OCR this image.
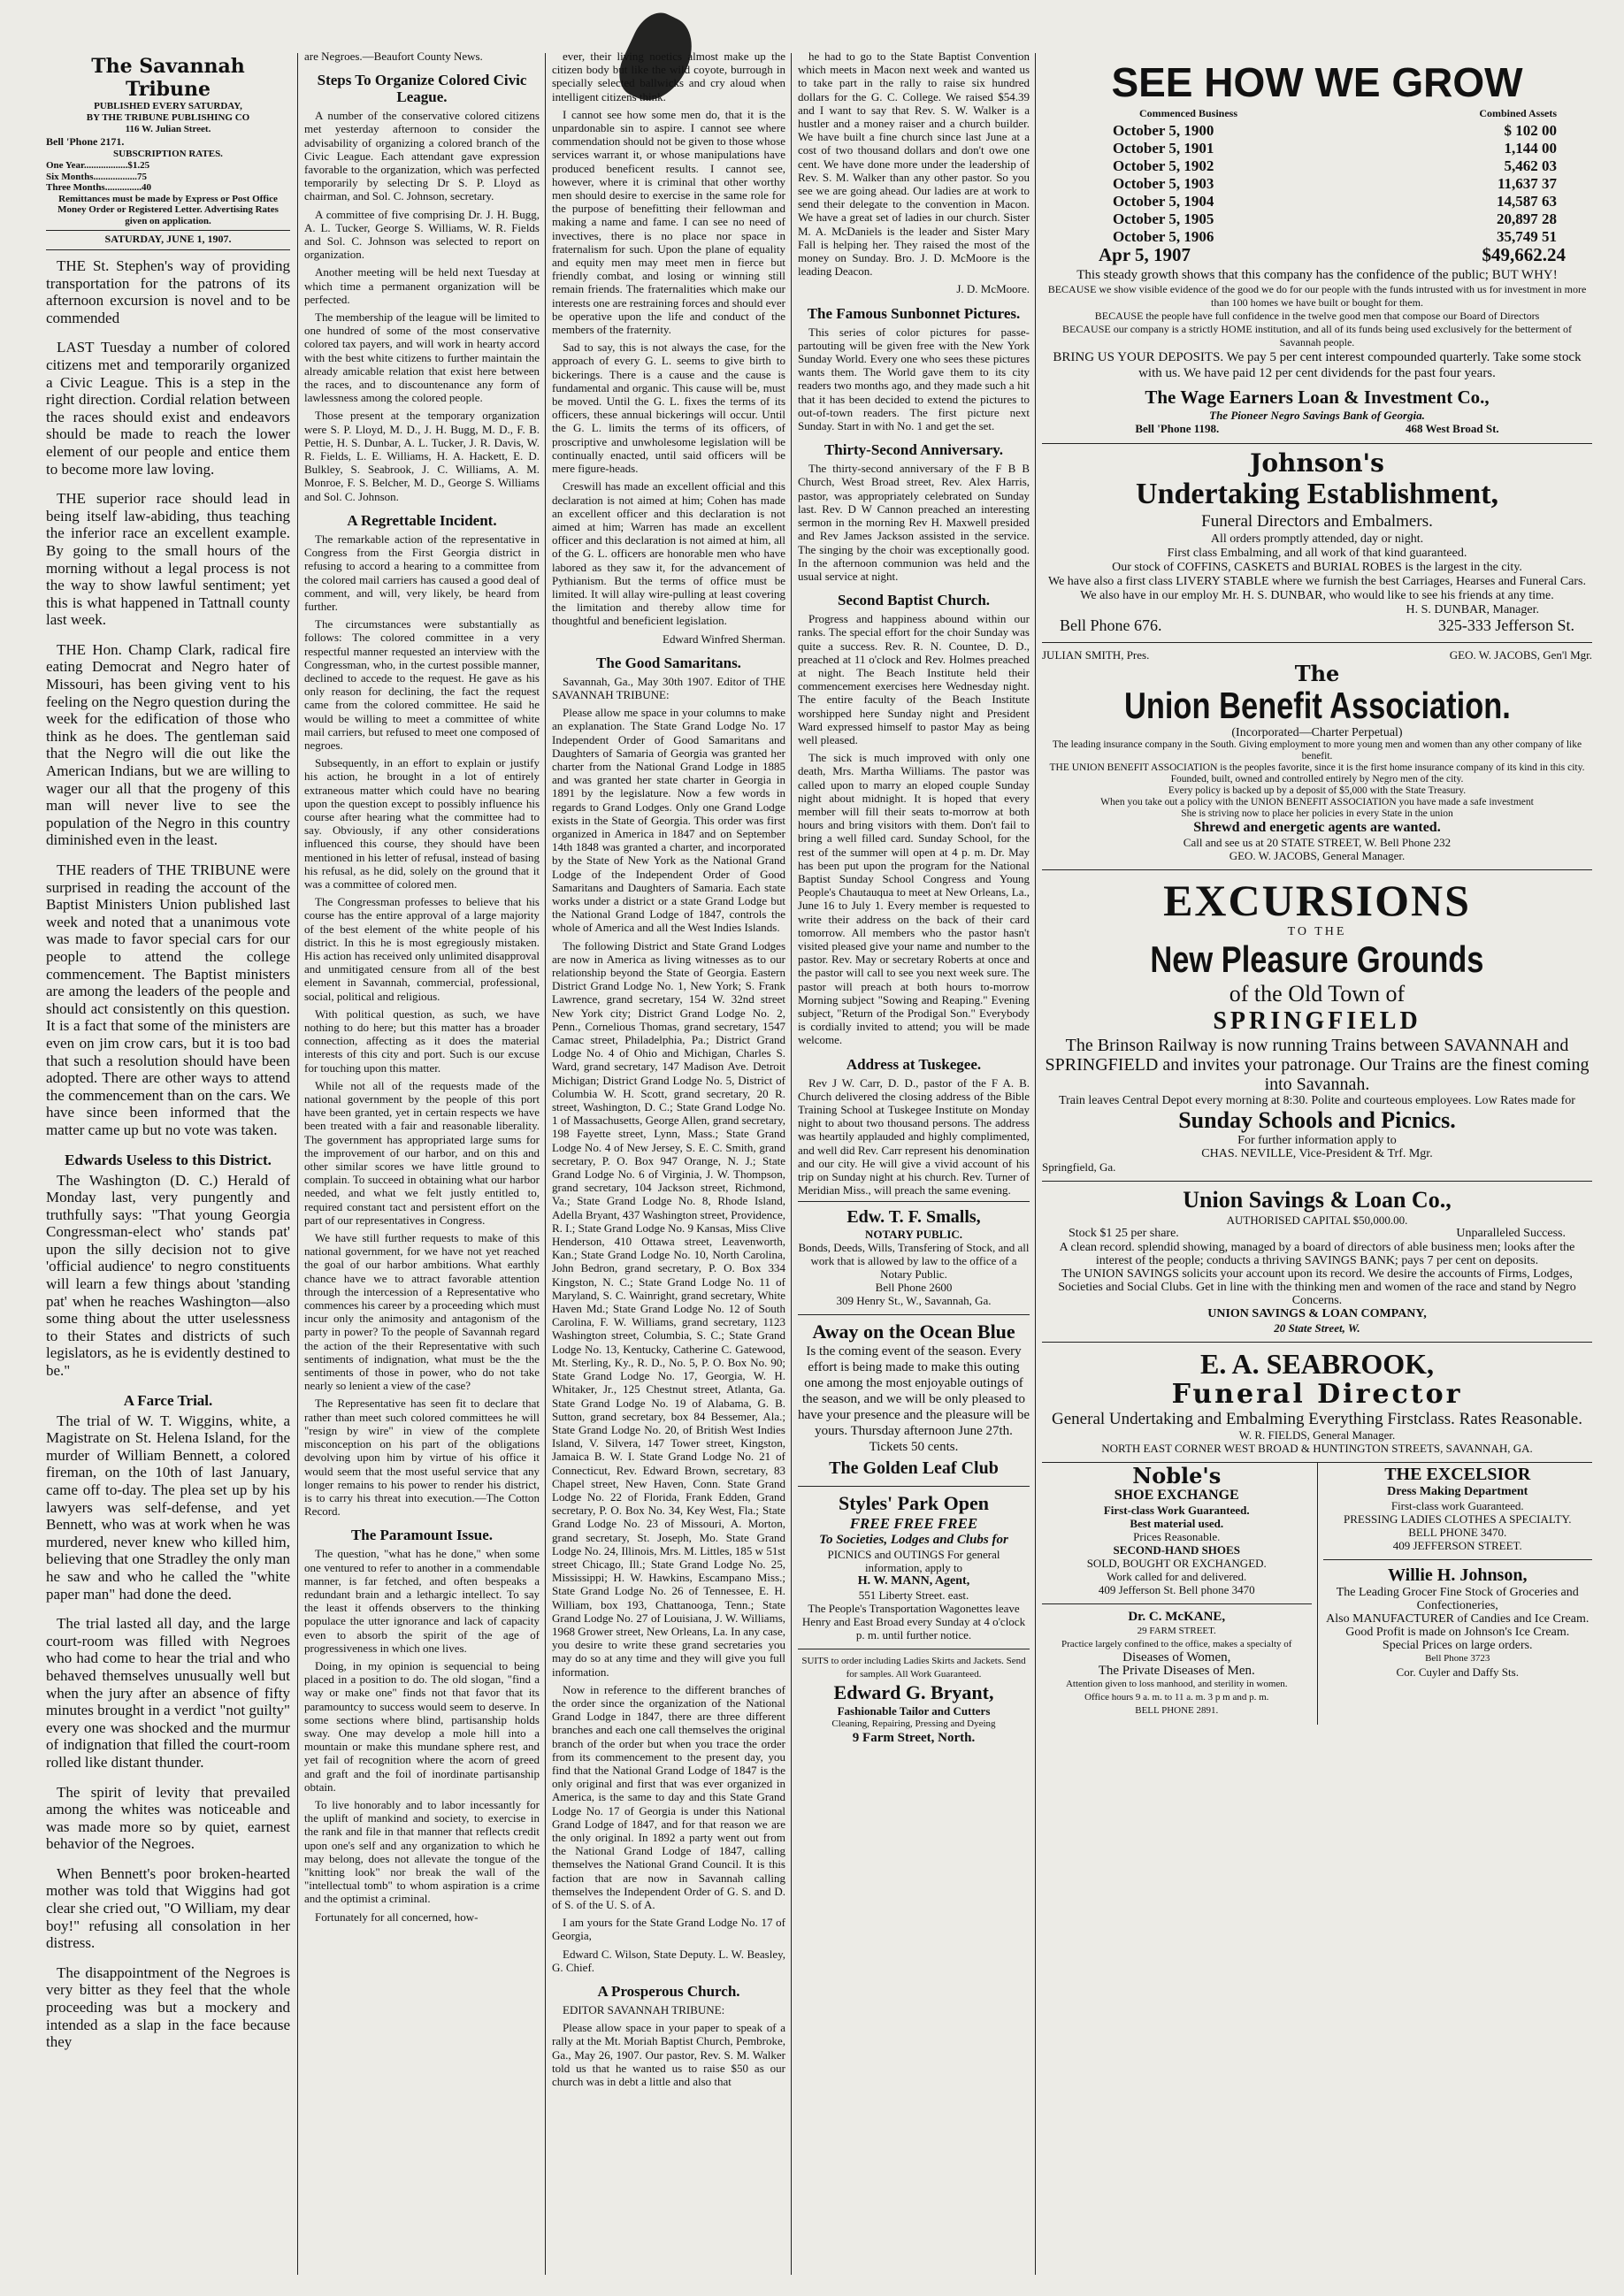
The Savannah Tribune
PUBLISHED EVERY SATURDAY,
BY THE TRIBUNE PUBLISHING CO
116 W. Julian Street.
Bell 'Phone 2171.
SUBSCRIPTION RATES.
One Year..................$1.25
Six Months..................75
Three Months...............40
Remittances must be made by Express or Post Office Money Order or Registered Letter. Advertising Rates given on application.
SATURDAY, JUNE 1, 1907.

THE St. Stephen's way of providing transportation for the patrons of its afternoon excursion is novel and to be commended

LAST Tuesday a number of colored citizens met and temporarily organized a Civic League. This is a step in the right direction. Cordial relation between the races should exist and endeavors should be made to reach the lower element of our people and entice them to become more law loving.

THE superior race should lead in being itself law-abiding, thus teaching the inferior race an excellent example. By going to the small hours of the morning without a legal process is not the way to show lawful sentiment; yet this is what happened in Tattnall county last week.

THE Hon. Champ Clark, radical fire eating Democrat and Negro hater of Missouri, has been giving vent to his feeling on the Negro question during the week for the edification of those who think as he does. The gentleman said that the Negro will die out like the American Indians, but we are willing to wager our all that the progeny of this man will never live to see the population of the Negro in this country diminished even in the least.

THE readers of THE TRIBUNE were surprised in reading the account of the Baptist Ministers Union published last week and noted that a unanimous vote was made to favor special cars for our people to attend the college commencement. The Baptist ministers are among the leaders of the people and should act consistently on this question. It is a fact that some of the ministers are even on jim crow cars, but it is too bad that such a resolution should have been adopted. There are other ways to attend the commencement than on the cars. We have since been informed that the matter came up but no vote was taken.

Edwards Useless to this District.

The Washington (D. C.) Herald of Monday last, very pungently and truthfully says: "That young Georgia Congressman-elect who' stands pat' upon the silly decision not to give 'official audience' to negro constituents will learn a few things about 'standing pat' when he reaches Washington—also some thing about the utter uselessness to their States and districts of such legislators, as he is evidently destined to be."

A Farce Trial.

The trial of W. T. Wiggins, white, a Magistrate on St. Helena Island, for the murder of William Bennett, a colored fireman, on the 10th of last January, came off to-day. The plea set up by his lawyers was self-defense, and yet Bennett, who was at work when he was murdered, never knew who killed him, believing that one Stradley the only man he saw and who he called the "white paper man" had done the deed.

The trial lasted all day, and the large court-room was filled with Negroes who had come to hear the trial and who behaved themselves unusually well but when the jury after an absence of fifty minutes brought in a verdict "not guilty" every one was shocked and the murmur of indignation that filled the court-room rolled like distant thunder.

The spirit of levity that prevailed among the whites was noticeable and was made more so by quiet, earnest behavior of the Negroes.

When Bennett's poor broken-hearted mother was told that Wiggins had got clear she cried out, "O William, my dear boy!" refusing all consolation in her distress.

The disappointment of the Negroes is very bitter as they feel that the whole proceeding was but a mockery and intended as a slap in the face because they

are Negroes.—Beaufort County News.

Steps To Organize Colored Civic League.

A number of the conservative colored citizens met yesterday afternoon to consider the advisability of organizing a colored branch of the Civic League. Each attendant gave expression favorable to the organization, which was perfected temporarily by selecting Dr S. P. Lloyd as chairman, and Sol. C. Johnson, secretary.

A committee of five comprising Dr. J. H. Bugg, A. L. Tucker, George S. Williams, W. R. Fields and Sol. C. Johnson was selected to report on organization.

Another meeting will be held next Tuesday at which time a permanent organization will be perfected.

The membership of the league will be limited to one hundred of some of the most conservative colored tax payers, and will work in hearty accord with the best white citizens to further maintain the already amicable relation that exist here between the races, and to discountenance any form of lawlessness among the colored people.

Those present at the temporary organization were S. P. Lloyd, M. D., J. H. Bugg, M. D., F. B. Pettie, H. S. Dunbar, A. L. Tucker, J. R. Davis, W. R. Fields, L. E. Williams, H. A. Hackett, E. D. Bulkley, S. Seabrook, J. C. Williams, A. M. Monroe, F. S. Belcher, M. D., George S. Williams and Sol. C. Johnson.

A Regrettable Incident.

The remarkable action of the representative in Congress from the First Georgia district in refusing to accord a hearing to a committee from the colored mail carriers has caused a good deal of comment, and will, very likely, be heard from further.

The circumstances were substantially as follows: The colored committee in a very respectful manner requested an interview with the Congressman, who, in the curtest possible manner, declined to accede to the request. He gave as his only reason for declining, the fact the request came from the colored committee. He said he would be willing to meet a committee of white mail carriers, but refused to meet one composed of negroes.

Subsequently, in an effort to explain or justify his action, he brought in a lot of entirely extraneous matter which could have no bearing upon the question except to possibly influence his course after hearing what the committee had to say. Obviously, if any other considerations influenced this course, they should have been mentioned in his letter of refusal, instead of basing his refusal, as he did, solely on the ground that it was a committee of colored men.

The Congressman professes to believe that his course has the entire approval of a large majority of the best element of the white people of his district. In this he is most egregiously mistaken. His action has received only unlimited disapproval and unmitigated censure from all of the best element in Savannah, commercial, professional, social, political and religious.

With political question, as such, we have nothing to do here; but this matter has a broader connection, affecting as it does the material interests of this city and port. Such is our excuse for touching upon this matter.

While not all of the requests made of the national government by the people of this port have been granted, yet in certain respects we have been treated with a fair and reasonable liberality. The government has appropriated large sums for the improvement of our harbor, and on this and other similar scores we have little ground to complain. To succeed in obtaining what our harbor needed, and what we felt justly entitled to, required constant tact and persistent effort on the part of our representatives in Congress.

We have still further requests to make of this national government, for we have not yet reached the goal of our harbor ambitions. What earthly chance have we to attract favorable attention through the intercession of a Representative who commences his career by a proceeding which must incur only the animosity and antagonism of the party in power? To the people of Savannah regard the action of the their Representative with such sentiments of indignation, what must be the the sentiments of those in power, who do not take nearly so lenient a view of the case?

The Representative has seen fit to declare that rather than meet such colored committees he will "resign by wire" in view of the complete misconception on his part of the obligations devolving upon him by virtue of his office it would seem that the most useful service that any longer remains to his power to render his district, is to carry his threat into execution.—The Cotton Record.

The Paramount Issue.

The question, "what has he done," when some one ventured to refer to another in a commendable manner, is far fetched, and often bespeaks a redundant brain and a lethargic intellect. To say the least it offends observers to the thinking populace the utter ignorance and lack of capacity even to absorb the spirit of the age of progressiveness in which one lives.

Doing, in my opinion is sequencial to being placed in a position to do. The old slogan, "find a way or make one" finds not that favor that its paramountcy to success would seem to deserve. In some sections where blind, partisanship holds sway. One may develop a mole hill into a mountain or make this mundane sphere rest, and yet fail of recognition where the acorn of greed and graft and the foil of inordinate partisanship obtain.

To live honorably and to labor incessantly for the uplift of mankind and society, to exercise in the rank and file in that manner that reflects credit upon one's self and any organization to which he may belong, does not allevate the tongue of the "knitting look" nor break the wall of the "intellectual tomb" to whom aspiration is a crime and the optimist a criminal.

Fortunately for all concerned, how-

ever, their living noetics almost make up the citizen body but like the wild coyote, burrough in specially selected ballwicks and cry aloud when intelligent citizens think.

I cannot see how some men do, that it is the unpardonable sin to aspire. I cannot see where commendation should not be given to those whose services warrant it, or whose manipulations have produced beneficent results. I cannot see, however, where it is criminal that other worthy men should desire to exercise in the same role for the purpose of benefitting their fellowman and making a name and fame. I can see no need of invectives, there is no place nor space in fraternalism for such. Upon the plane of equality and equity men may meet men in fierce but friendly combat, and losing or winning still remain friends. The fraternalities which make our interests one are restraining forces and should ever be operative upon the life and conduct of the members of the fraternity.

Sad to say, this is not always the case, for the approach of every G. L. seems to give birth to bickerings. There is a cause and the cause is fundamental and organic. This cause will be, must be moved. Until the G. L. fixes the terms of its officers, these annual bickerings will occur. Until the G. L. limits the terms of its officers, of proscriptive and unwholesome legislation will be continually enacted, until said officers will be mere figure-heads.

Creswill has made an excellent official and this declaration is not aimed at him; Cohen has made an excellent officer and this declaration is not aimed at him; Warren has made an excellent officer and this declaration is not aimed at him, all of the G. L. officers are honorable men who have labored as they saw it, for the advancement of Pythianism. But the terms of office must be limited. It will allay wire-pulling at least covering the limitation and thereby allow time for thoughtful and beneficient legislation.

Edward Winfred Sherman.

The Good Samaritans.

Savannah, Ga., May 30th 1907. Editor of THE SAVANNAH TRIBUNE:

Please allow me space in your columns to make an explanation. The State Grand Lodge No. 17 Independent Order of Good Samaritans and Daughters of Samaria of Georgia was granted her charter from the National Grand Lodge in 1885 and was granted her state charter in Georgia in 1891 by the legislature. Now a few words in regards to Grand Lodges. Only one Grand Lodge exists in the State of Georgia. This order was first organized in America in 1847 and on September 14th 1848 was granted a charter, and incorporated by the State of New York as the National Grand Lodge of the Independent Order of Good Samaritans and Daughters of Samaria. Each state works under a district or a state Grand Lodge but the National Grand Lodge of 1847, controls the whole of America and all the West Indies Islands.

The following District and State Grand Lodges are now in America as living witnesses as to our relationship beyond the State of Georgia. Eastern District Grand Lodge No. 1, New York; S. Frank Lawrence, grand secretary, 154 W. 32nd street New York city; District Grand Lodge No. 2, Penn., Cornelious Thomas, grand secretary, 1547 Camac street, Philadelphia, Pa.; District Grand Lodge No. 4 of Ohio and Michigan, Charles S. Ward, grand secretary, 147 Madison Ave. Detroit Michigan; District Grand Lodge No. 5, District of Columbia W. H. Scott, grand secretary, 20 R. street, Washington, D. C.; State Grand Lodge No. 1 of Massachusetts, George Allen, grand secretary, 198 Fayette street, Lynn, Mass.; State Grand Lodge No. 4 of New Jersey, S. E. C. Smith, grand secretary, P. O. Box 947 Orange, N. J.; State Grand Lodge No. 6 of Virginia, J. W. Thompson, grand secretary, 104 Jackson street, Richmond, Va.; State Grand Lodge No. 8, Rhode Island, Adella Bryant, 437 Washington street, Providence, R. I.; State Grand Lodge No. 9 Kansas, Miss Clive Henderson, 410 Ottawa street, Leavenworth, Kan.; State Grand Lodge No. 10, North Carolina, John Bedron, grand secretary, P. O. Box 334 Kingston, N. C.; State Grand Lodge No. 11 of Maryland, S. C. Wainright, grand secretary, White Haven Md.; State Grand Lodge No. 12 of South Carolina, F. W. Williams, grand secretary, 1123 Washington street, Columbia, S. C.; State Grand Lodge No. 13, Kentucky, Catherine C. Gatewood, Mt. Sterling, Ky., R. D., No. 5, P. O. Box No. 90; State Grand Lodge No. 17, Georgia, W. H. Whitaker, Jr., 125 Chestnut street, Atlanta, Ga. State Grand Lodge No. 19 of Alabama, G. B. Sutton, grand secretary, box 84 Bessemer, Ala.; State Grand Lodge No. 20, of British West Indies Island, V. Silvera, 147 Tower street, Kingston, Jamaica B. W. I. State Grand Lodge No. 21 of Connecticut, Rev. Edward Brown, secretary, 83 Chapel street, New Haven, Conn. State Grand Lodge No. 22 of Florida, Frank Edden, Grand secretary, P. O. Box No. 34, Key West, Fla.; State Grand Lodge No. 23 of Missouri, A. Morton, grand secretary, St. Joseph, Mo. State Grand Lodge No. 24, Illinois, Mrs. M. Littles, 185 w 51st street Chicago, Ill.; State Grand Lodge No. 25, Mississippi; H. W. Hawkins, Escampano Miss.; State Grand Lodge No. 26 of Tennessee, E. H. William, box 193, Chattanooga, Tenn.; State Grand Lodge No. 27 of Louisiana, J. W. Williams, 1968 Grower street, New Orleans, La. In any case, you desire to write these grand secretaries you may do so at any time and they will give you full information.

Now in reference to the different branches of the order since the organization of the National Grand Lodge in 1847, there are three different branches and each one call themselves the original branch of the order but when you trace the order from its commencement to the present day, you find that the National Grand Lodge of 1847 is the only original and first that was ever organized in America, is the same to day and this State Grand Lodge No. 17 of Georgia is under this National Grand Lodge of 1847, and for that reason we are the only original. In 1892 a party went out from the National Grand Lodge of 1847, calling themselves the National Grand Council. It is this faction that are now in Savannah calling themselves the Independent Order of G. S. and D. of S. of the U. S. of A.

I am yours for the State Grand Lodge No. 17 of Georgia,

Edward C. Wilson, State Deputy. L. W. Beasley, G. Chief.

A Prosperous Church.

EDITOR SAVANNAH TRIBUNE:

Please allow space in your paper to speak of a rally at the Mt. Moriah Baptist Church, Pembroke, Ga., May 26, 1907. Our pastor, Rev. S. M. Walker told us that he wanted us to raise $50 as our church was in debt a little and also that

he had to go to the State Baptist Convention which meets in Macon next week and wanted us to take part in the rally to raise six hundred dollars for the G. C. College. We raised $54.39 and I want to say that Rev. S. W. Walker is a hustler and a money raiser and a church builder. We have built a fine church since last June at a cost of two thousand dollars and don't owe one cent. We have done more under the leadership of Rev. S. M. Walker than any other pastor. So you see we are going ahead. Our ladies are at work to send their delegate to the convention in Macon. We have a great set of ladies in our church. Sister M. A. McDaniels is the leader and Sister Mary Fall is helping her. They raised the most of the money on Sunday. Bro. J. D. McMoore is the leading Deacon.

J. D. McMoore.

The Famous Sunbonnet Pictures.

This series of color pictures for passe-partouting will be given free with the New York Sunday World. Every one who sees these pictures wants them. The World gave them to its city readers two months ago, and they made such a hit that it has been decided to extend the pictures to out-of-town readers. The first picture next Sunday. Start in with No. 1 and get the set.

Thirty-Second Anniversary.

The thirty-second anniversary of the F B B Church, West Broad street, Rev. Alex Harris, pastor, was appropriately celebrated on Sunday last. Rev. D W Cannon preached an interesting sermon in the morning Rev H. Maxwell presided and Rev James Jackson assisted in the service. The singing by the choir was exceptionally good. In the afternoon communion was held and the usual service at night.

Second Baptist Church.

Progress and happiness abound within our ranks. The special effort for the choir Sunday was quite a success. Rev. R. N. Countee, D. D., preached at 11 o'clock and Rev. Holmes preached at night. The Beach Institute held their commencement exercises here Wednesday night. The entire faculty of the Beach Institute worshipped here Sunday night and President Ward expressed himself to pastor May as being well pleased.

The sick is much improved with only one death, Mrs. Martha Williams. The pastor was called upon to marry an eloped couple Sunday night about midnight. It is hoped that every member will fill their seats to-morrow at both hours and bring visitors with them. Don't fail to bring a well filled card. Sunday School, for the rest of the summer will open at 4 p. m. Dr. May has been put upon the program for the National Baptist Sunday School Congress and Young People's Chautauqua to meet at New Orleans, La., June 16 to July 1. Every member is requested to write their address on the back of their card tomorrow. All members who the pastor hasn't visited pleased give your name and number to the pastor. Rev. May or secretary Roberts at once and the pastor will call to see you next week sure. The pastor will preach at both hours to-morrow Morning subject "Sowing and Reaping." Evening subject, "Return of the Prodigal Son." Everybody is cordially invited to attend; you will be made welcome.

Address at Tuskegee.

Rev J W. Carr, D. D., pastor of the F A. B. Church delivered the closing address of the Bible Training School at Tuskegee Institute on Monday night to about two thousand persons. The address was heartily applauded and highly complimented, and well did Rev. Carr represent his denomination and our city. He will give a vivid account of his trip on Sunday night at his church. Rev. Turner of Meridian Miss., will preach the same evening.

Edw. T. F. Smalls,
NOTARY PUBLIC.
Bonds, Deeds, Wills, Transfering of Stock, and all work that is allowed by law to the office of a Notary Public.
Bell Phone 2600
309 Henry St., W., Savannah, Ga.
Away on the Ocean Blue
Is the coming event of the season. Every effort is being made to make this outing one among the most enjoyable outings of the season, and we will be only pleased to have your presence and the pleasure will be yours. Thursday afternoon June 27th. Tickets 50 cents.
The Golden Leaf Club
Styles' Park Open
FREE FREE FREE
To Societies, Lodges and Clubs for
PICNICS and OUTINGS For general information, apply to
H. W. MANN, Agent,
551 Liberty Street. east.
The People's Transportation Wagonettes leave Henry and East Broad every Sunday at 4 o'clock p. m. until further notice.
SUITS to order including Ladies Skirts and Jackets. Send for samples. All Work Guaranteed.
Edward G. Bryant,
Fashionable Tailor and Cutters
Cleaning, Repairing, Pressing and Dyeing
9 Farm Street, North.
SEE HOW WE GROW
Commenced Business	Combined Assets
October 5, 1900	$ 102 00
October 5, 1901	1,144 00
October 5, 1902	5,462 03
October 5, 1903	11,637 37
October 5, 1904	14,587 63
October 5, 1905	20,897 28
October 5, 1906	35,749 51
Apr 5, 1907	$49,662.24
This steady growth shows that this company has the confidence of the public; BUT WHY!
BECAUSE we show visible evidence of the good we do for our people with the funds intrusted with us for investment in more than 100 homes we have built or bought for them.
BECAUSE the people have full confidence in the twelve good men that compose our Board of Directors
BECAUSE our company is a strictly HOME institution, and all of its funds being used exclusively for the betterment of Savannah people.
BRING US YOUR DEPOSITS. We pay 5 per cent interest compounded quarterly. Take some stock with us. We have paid 12 per cent dividends for the past four years.
The Wage Earners Loan & Investment Co.,
The Pioneer Negro Savings Bank of Georgia.
Bell 'Phone 1198.	468 West Broad St.
Johnson's
Undertaking Establishment,
Funeral Directors and Embalmers.
All orders promptly attended, day or night.
First class Embalming, and all work of that kind guaranteed.
Our stock of COFFINS, CASKETS and BURIAL ROBES is the largest in the city.
We have also a first class LIVERY STABLE where we furnish the best Carriages, Hearses and Funeral Cars.
We also have in our employ Mr. H. S. DUNBAR, who would like to see his friends at any time.
H. S. DUNBAR, Manager.
Bell Phone 676.	325-333 Jefferson St.
JULIAN SMITH, Pres.	GEO. W. JACOBS, Gen'l Mgr.
The
Union Benefit Association.
(Incorporated—Charter Perpetual)
The leading insurance company in the South. Giving employment to more young men and women than any other company of like benefit.
THE UNION BENEFIT ASSOCIATION is the peoples favorite, since it is the first home insurance company of its kind in this city.
Founded, built, owned and controlled entirely by Negro men of the city.
Every policy is backed up by a deposit of $5,000 with the State Treasury.
When you take out a policy with the UNION BENEFIT ASSOCIATION you have made a safe investment
She is striving now to place her policies in every State in the union
Shrewd and energetic agents are wanted.
Call and see us at 20 STATE STREET, W. Bell Phone 232
GEO. W. JACOBS, General Manager.
EXCURSIONS
TO THE
New Pleasure Grounds
of the Old Town of
SPRINGFIELD
The Brinson Railway is now running Trains between SAVANNAH and SPRINGFIELD and invites your patronage. Our Trains are the finest coming into Savannah.
Train leaves Central Depot every morning at 8:30. Polite and courteous employees. Low Rates made for
Sunday Schools and Picnics.
For further information apply to
CHAS. NEVILLE, Vice-President & Trf. Mgr.
Springfield, Ga.
Union Savings & Loan Co.,
AUTHORISED CAPITAL $50,000.00.
Stock $1 25 per share.	Unparalleled Success.
A clean record. splendid showing, managed by a board of directors of able business men; looks after the interest of the people; conducts a thriving SAVINGS BANK; pays 7 per cent on deposits.
The UNION SAVINGS solicits your account upon its record. We desire the accounts of Firms, Lodges, Societies and Social Clubs. Get in line with the thinking men and women of the race and stand by Negro Concerns.
UNION SAVINGS & LOAN COMPANY,
20 State Street, W.
E. A. SEABROOK,
Funeral Director
General Undertaking and Embalming Everything Firstclass. Rates Reasonable.
W. R. FIELDS, General Manager.
NORTH EAST CORNER WEST BROAD & HUNTINGTON STREETS, SAVANNAH, GA.
Noble's
SHOE EXCHANGE
First-class Work Guaranteed.
Best material used.
Prices Reasonable.
SECOND-HAND SHOES
SOLD, BOUGHT OR EXCHANGED.
Work called for and delivered.
409 Jefferson St. Bell phone 3470
Dr. C. McKANE,
29 FARM STREET.
Practice largely confined to the office, makes a specialty of
Diseases of Women,
The Private Diseases of Men.
Attention given to loss manhood, and sterility in women.
Office hours 9 a. m. to 11 a. m. 3 p m and p. m.
BELL PHONE 2891.
THE EXCELSIOR
Dress Making Department
First-class work Guaranteed.
PRESSING LADIES CLOTHES A SPECIALTY.
BELL PHONE 3470.
409 JEFFERSON STREET.
Willie H. Johnson,
The Leading Grocer Fine Stock of Groceries and Confectioneries,
Also MANUFACTURER of Candies and Ice Cream. Good Profit is made on Johnson's Ice Cream.
Special Prices on large orders.
Bell Phone 3723
Cor. Cuyler and Daffy Sts.
